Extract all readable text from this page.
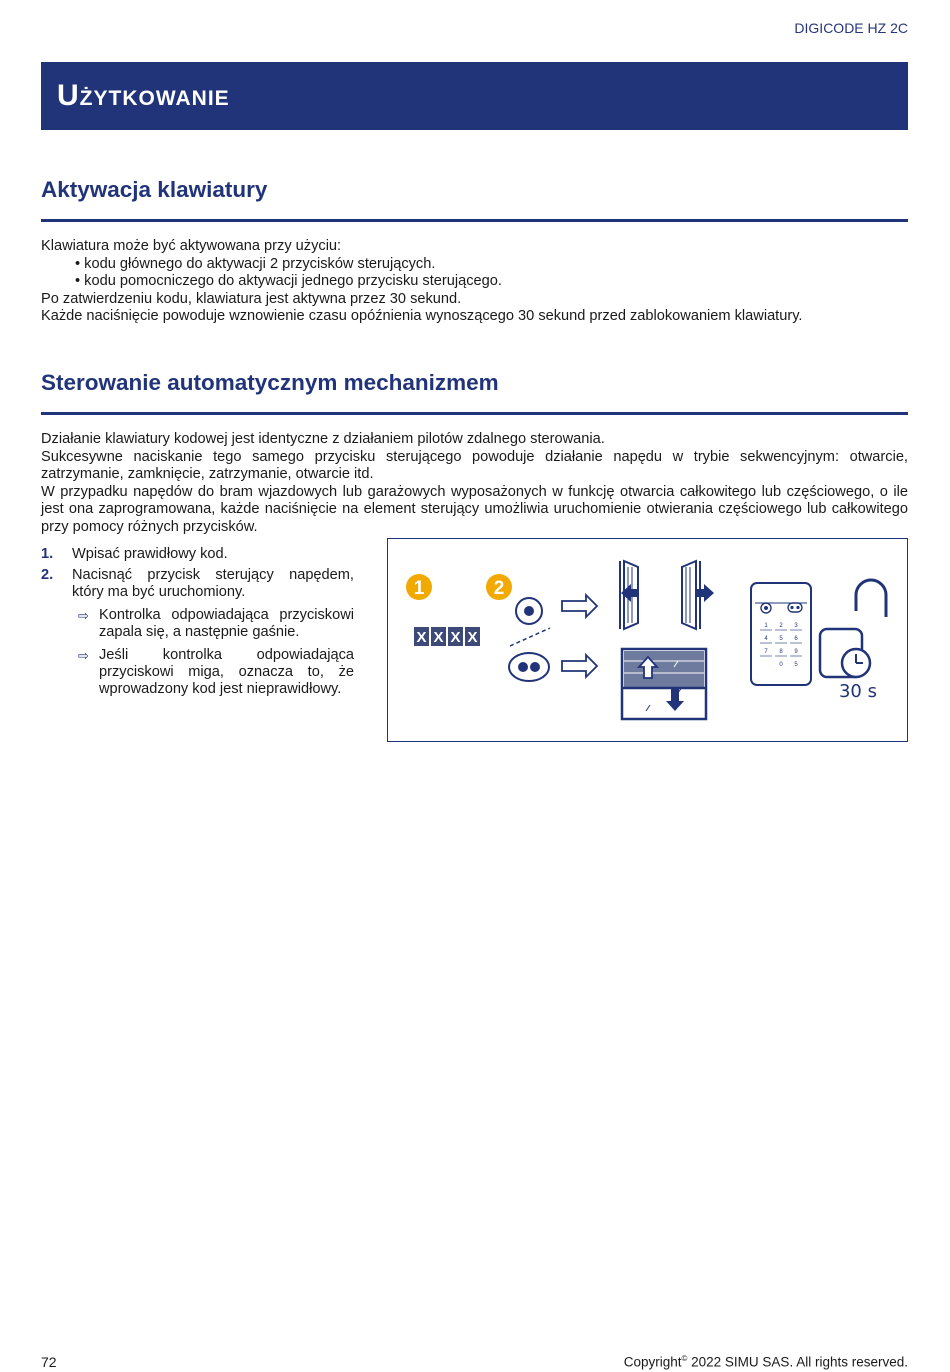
DIGICODE HZ 2C
Użytkowanie
Aktywacja klawiatury

Klawiatura może być aktywowana przy użyciu:

• kodu głównego do aktywacji 2 przycisków sterujących.

• kodu pomocniczego do aktywacji jednego przycisku sterującego.

Po zatwierdzeniu kodu, klawiatura jest aktywna przez 30 sekund.

Każde naciśnięcie powoduje wznowienie czasu opóźnienia wynoszącego 30 sekund przed zablokowaniem klawiatury.

Sterowanie automatycznym mechanizmem

Działanie klawiatury kodowej jest identyczne z działaniem pilotów zdalnego sterowania.

Sukcesywne naciskanie tego samego przycisku sterującego powoduje działanie napędu w trybie sekwencyjnym: otwarcie, zatrzymanie, zamknięcie, zatrzymanie, otwarcie itd.

W przypadku napędów do bram wjazdowych lub garażowych wyposażonych w funkcję otwarcia całkowitego lub częściowego, o ile jest ona zaprogramowana, każde naciśnięcie na element sterujący umożliwia uruchomienie otwierania częściowego lub całkowitego przy pomocy różnych przycisków.

1.	Wpisać prawidłowy kod.
2.	Nacisnąć przycisk sterujący napędem, który ma być uruchomiony.
⇨ Kontrolka odpowiadająca przyciskowi zapala się, a następnie gaśnie.
⇨ Jeśli kontrolka odpowiadająca przyciskowi miga, oznacza to, że wprowadzony kod jest nieprawidłowy.
1	2
X X X X
1 2 3
4 5 6
7 8 9
0 5
30 s
72	Copyright© 2022 SIMU SAS. All rights reserved.
